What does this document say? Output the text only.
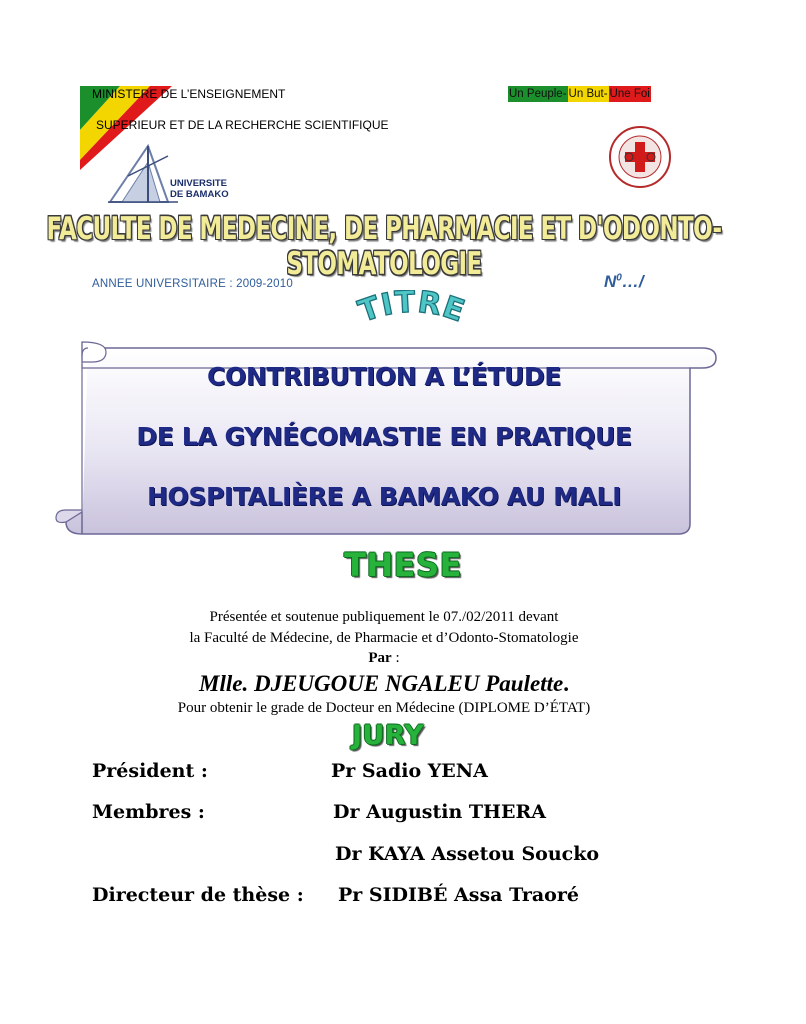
MINISTERE DE L’ENSEIGNEMENT
SUPERIEUR ET DE LA RECHERCHE SCIENTIFIQUE
Un Peuple- Un But- Une Foi
UNIVERSITE
DE BAMAKO
FACULTE DE MEDECINE, DE PHARMACIE ET D'ODONTO-STOMATOLOGIE
ANNEE UNIVERSITAIRE : 2009-2010	$N^0\dots/$
TITRE
CONTRIBUTION A L’ÉTUDE
DE LA GYNÉCOMASTIE EN PRATIQUE
HOSPITALIÈRE A BAMAKO AU MALI
THESE
Présentée et soutenue publiquement le 07./02/2011 devant
la Faculté de Médecine, de Pharmacie et d’Odonto-Stomatologie
Par :
Mlle. DJEUGOUE NGALEU Paulette.
Pour obtenir le grade de Docteur en Médecine (DIPLOME D’ÉTAT)
JURY
Président :	Pr Sadio YENA
Membres :	Dr Augustin THERA
Dr KAYA Assetou Soucko
Directeur de thèse : Pr SIDIBÉ Assa Traoré
